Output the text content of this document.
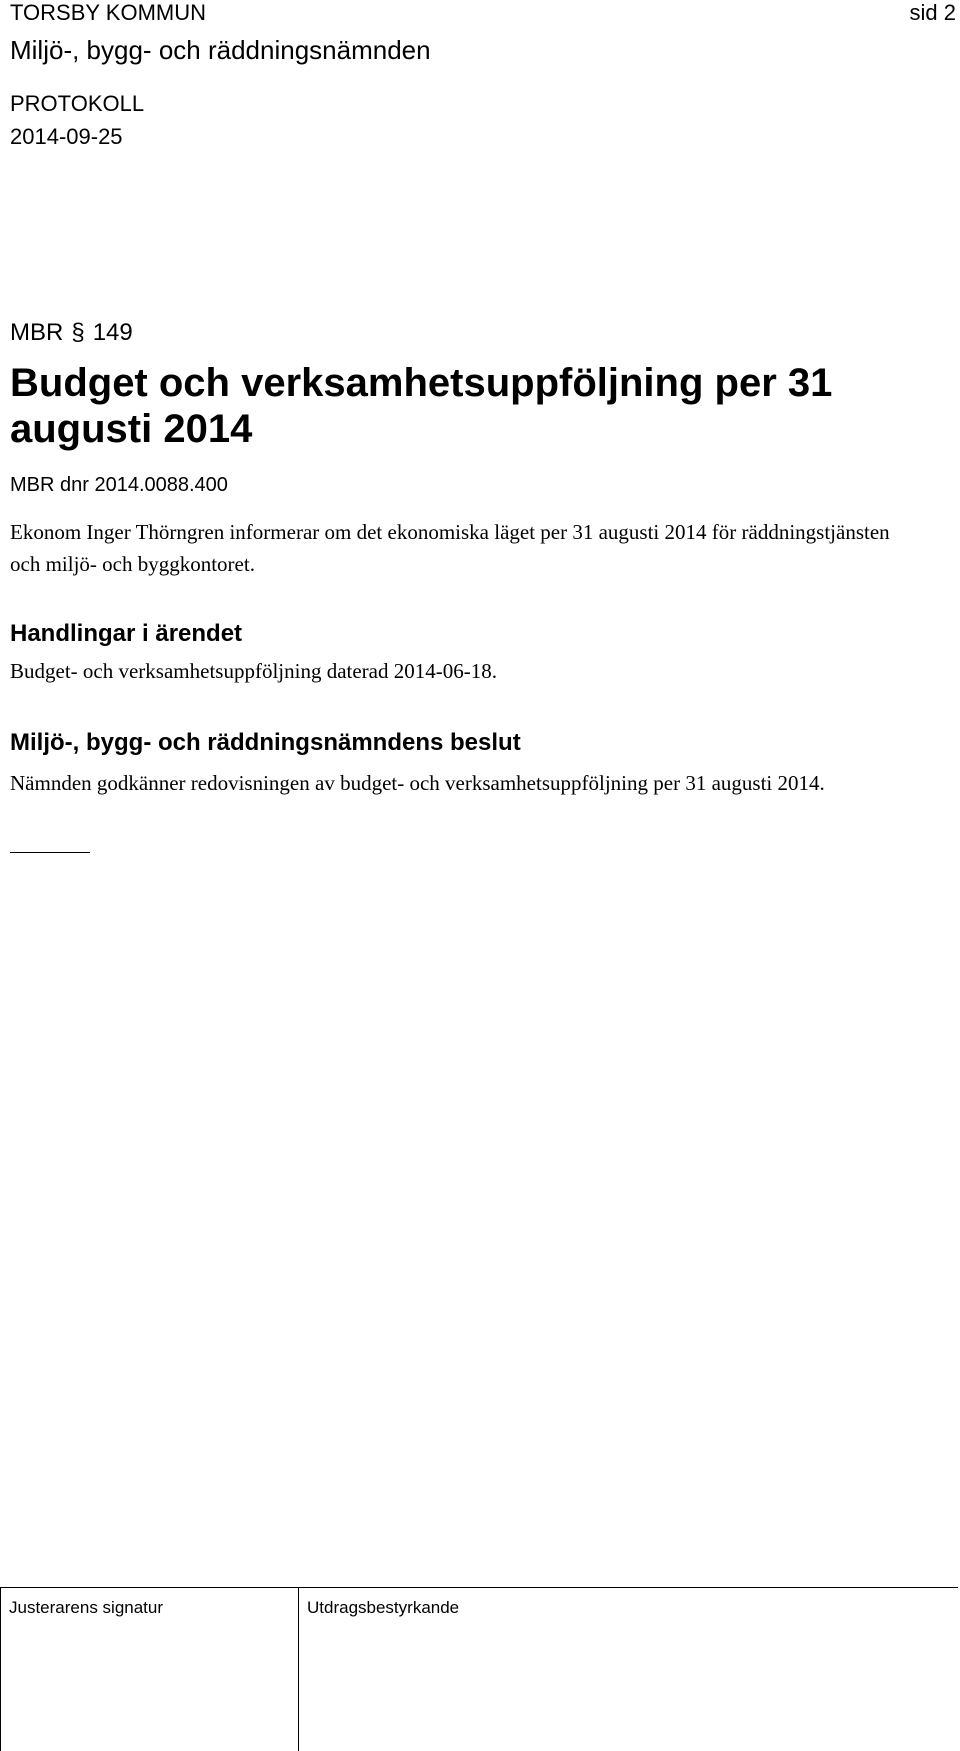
TORSBY KOMMUN
Miljö-, bygg- och räddningsnämnden
PROTOKOLL
2014-09-25
sid 2
MBR § 149
Budget och verksamhetsuppföljning per 31 augusti 2014
MBR dnr 2014.0088.400

Ekonom Inger Thörngren informerar om det ekonomiska läget per 31 augusti 2014 för räddningstjänsten och miljö- och byggkontoret.

Handlingar i ärendet

Budget- och verksamhetsuppföljning daterad 2014-06-18.

Miljö-, bygg- och räddningsnämndens beslut

Nämnden godkänner redovisningen av budget- och verksamhetsuppföljning per 31 augusti 2014.

Justerarens signatur	Utdragsbestyrkande
